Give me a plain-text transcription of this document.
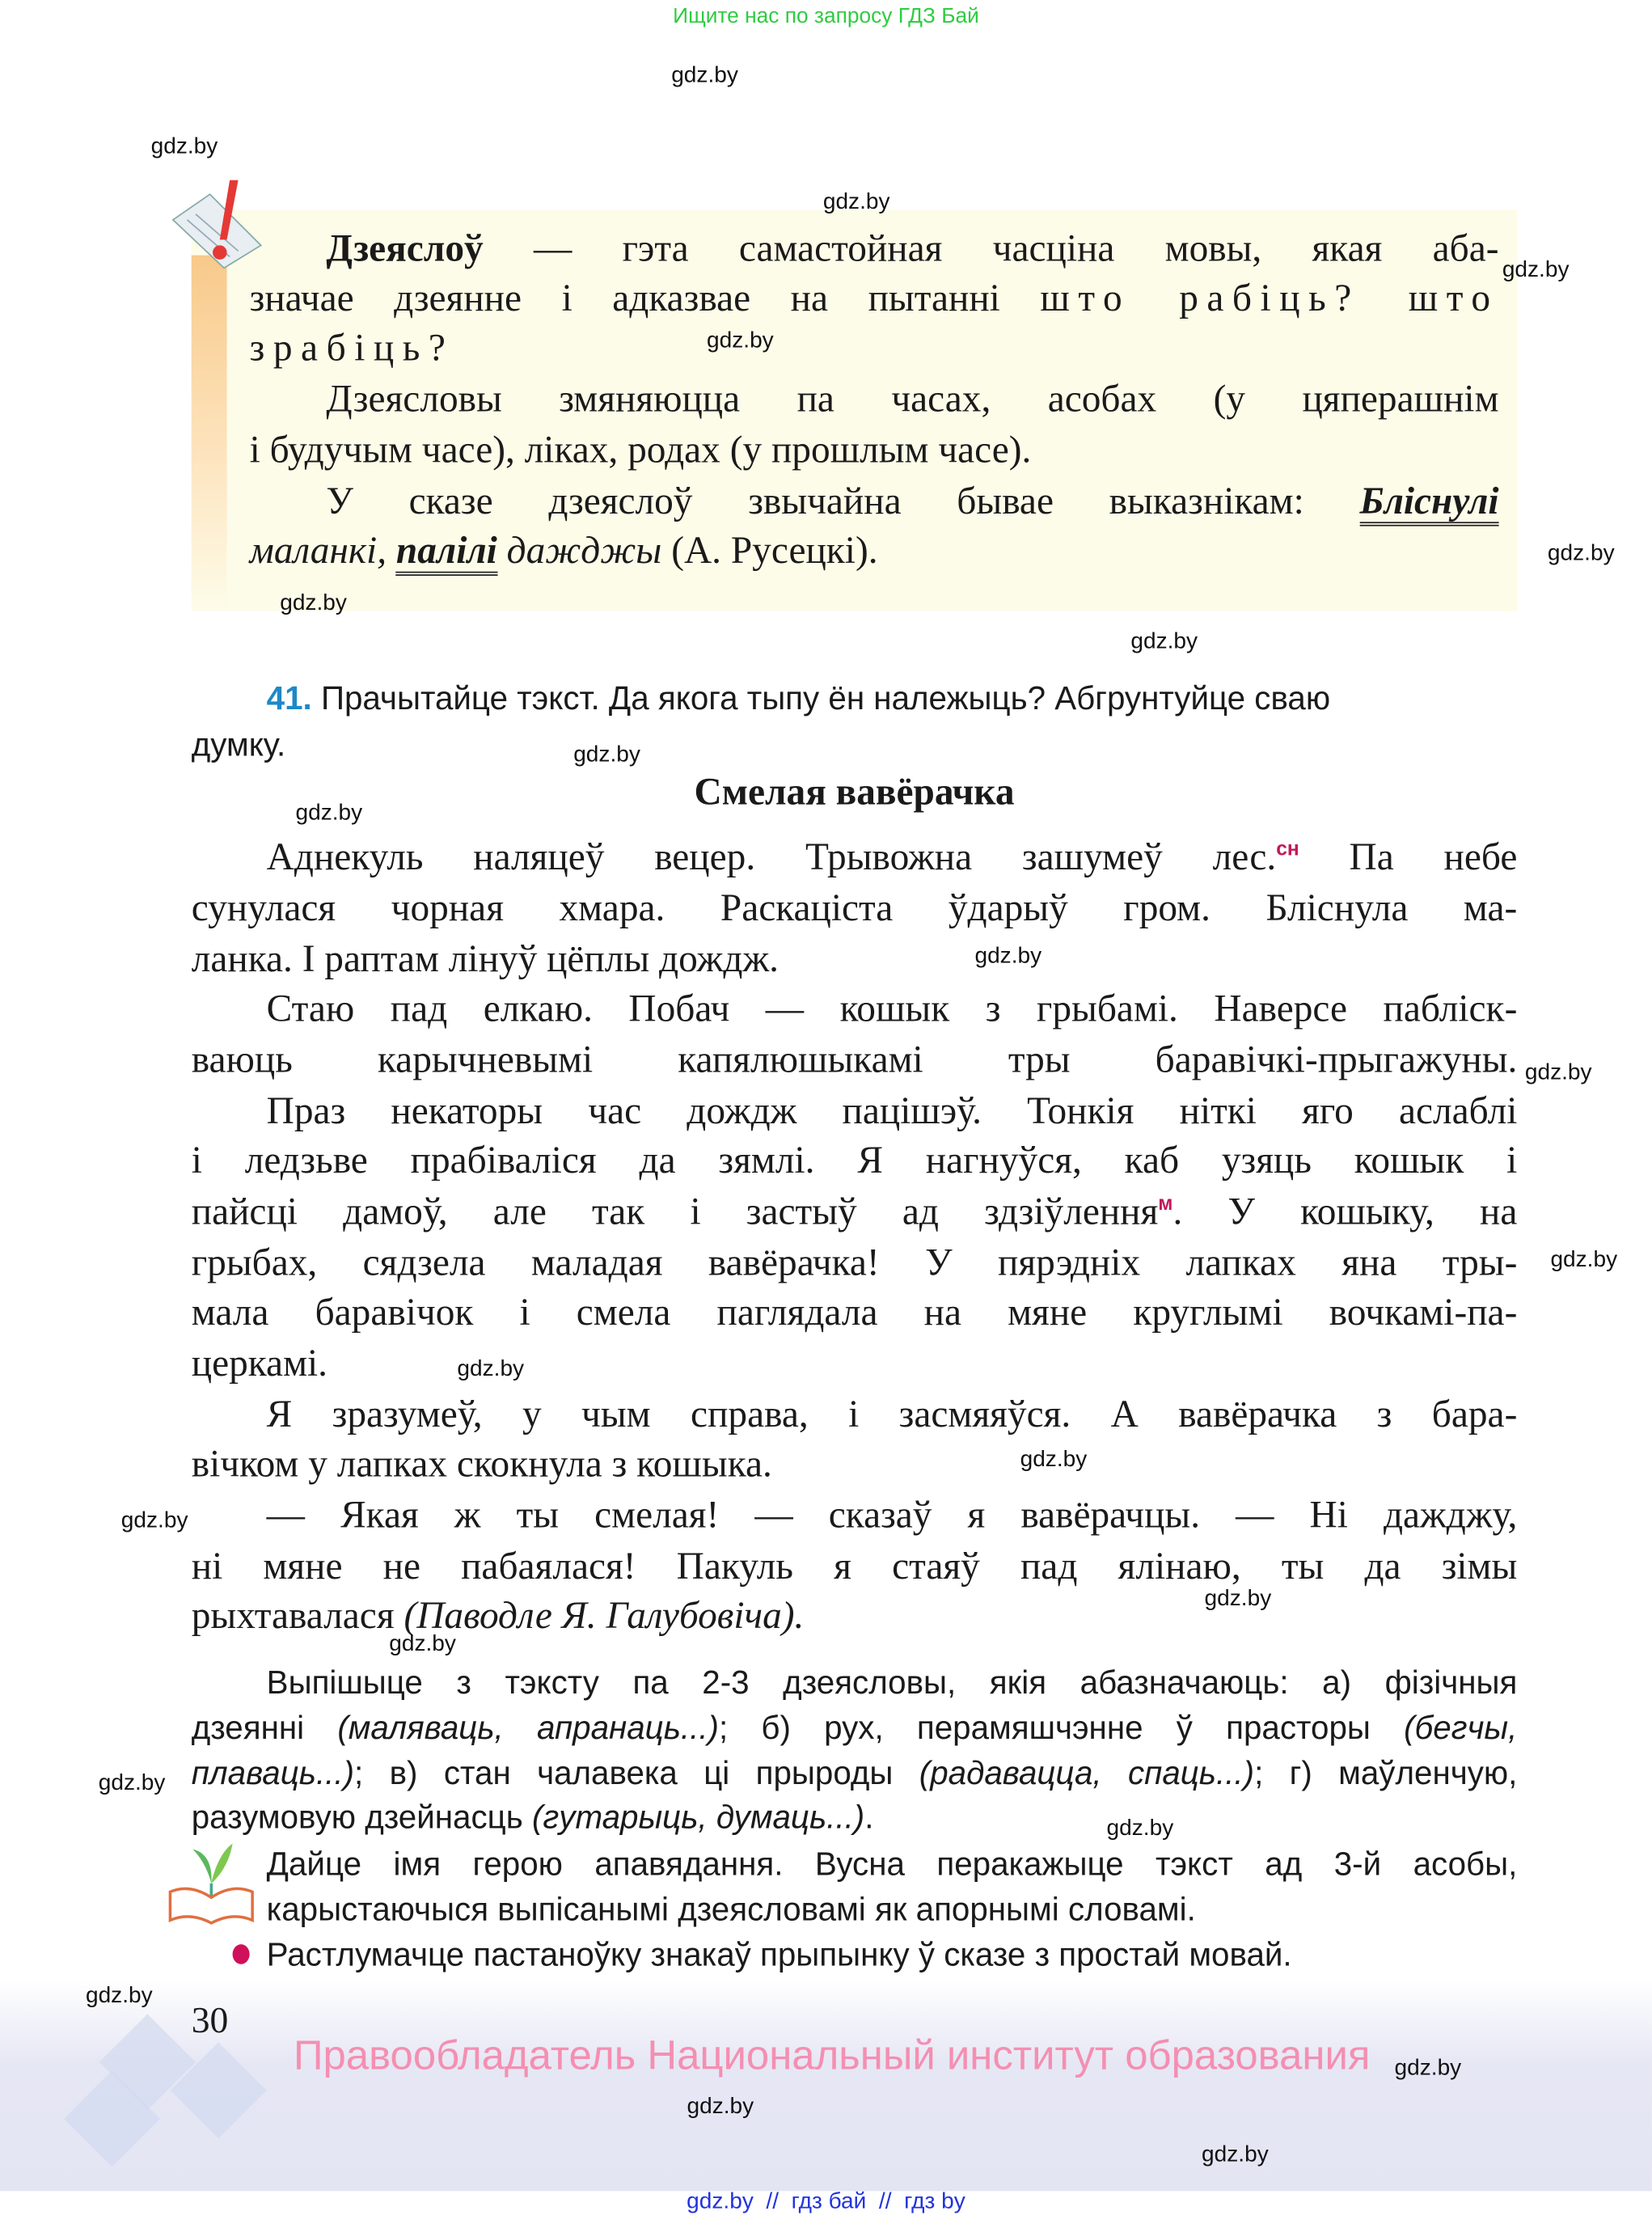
Ищите нас по запросу ГДЗ Бай
Дзеяслоў — гэта самастойная часціна мовы, якая аба-
значае дзеянне і адказвае на пытанні што рабіць? што
зрабіць?
Дзеясловы змяняюцца па часах, асобах (у цяперашнім
і будучым часе), ліках, родах (у прошлым часе).
У сказе дзеяслоў звычайна бывае выказнікам: Бліснулі
маланкі, палілі дажджы (А. Русецкі).
41. Прачытайце тэкст. Да якога тыпу ён належыць? Абгрунтуйце сваю
думку.
Смелая вавёрачка
Аднекуль наляцеў вецер. Трывожна зашумеў лес.$^{сн}$ Па небе
сунулася чорная хмара. Раскаціста ўдарыў гром. Бліснула ма-
ланка. І раптам лінуў цёплы дождж.
Стаю пад елкаю. Побач — кошык з грыбамі. Наверсе пабліск-
ваюць карычневымі капялюшыкамі тры баравічкі-прыгажуны.
Праз некаторы час дождж пацішэў. Тонкія ніткі яго аслаблі
і ледзьве прабіваліся да зямлі. Я нагнуўся, каб узяць кошык і
пайсці дамоў, але так і застыў ад здзіўлення$^м$. У кошыку, на
грыбах, сядзела маладая вавёрачка! У пярэдніх лапках яна тры-
мала баравічок і смела паглядала на мяне круглымі вочкамі-па-
церкамі.
Я зразумеў, у чым справа, і засмяяўся. А вавёрачка з бара-
вічком у лапках скокнула з кошыка.
— Якая ж ты смелая! — сказаў я вавёрачцы. — Ні дажджу,
ні мяне не пабаялася! Пакуль я стаяў пад ялінаю, ты да зімы
рыхтавалася (Паводле Я. Галубовіча).
Выпішыце з тэксту па 2-3 дзеясловы, якія абазначаюць: а) фізічныя
дзеянні (маляваць, апранаць...); б) рух, перамяшчэнне ў прасторы (бегчы,
плаваць...); в) стан чалавека ці прыроды (радавацца, спаць...); г) маўленчую,
разумовую дзейнасць (гутарыць, думаць...).
Дайце імя герою апавядання. Вусна перакажыце тэкст ад 3-й асобы,
карыстаючыся выпісанымі дзеясловамі як апорнымі словамі.
Растлумачце пастаноўку знакаў прыпынку ў сказе з простай мовай.
30
Правообладатель Национальный институт образования
gdz.by  //  гдз бай  //  гдз by
gdz.by
gdz.by
gdz.by
gdz.by
gdz.by
gdz.by
gdz.by
gdz.by
gdz.by
gdz.by
gdz.by
gdz.by
gdz.by
gdz.by
gdz.by
gdz.by
gdz.by
gdz.by
gdz.by
gdz.by
gdz.by
gdz.by
gdz.by
gdz.by
